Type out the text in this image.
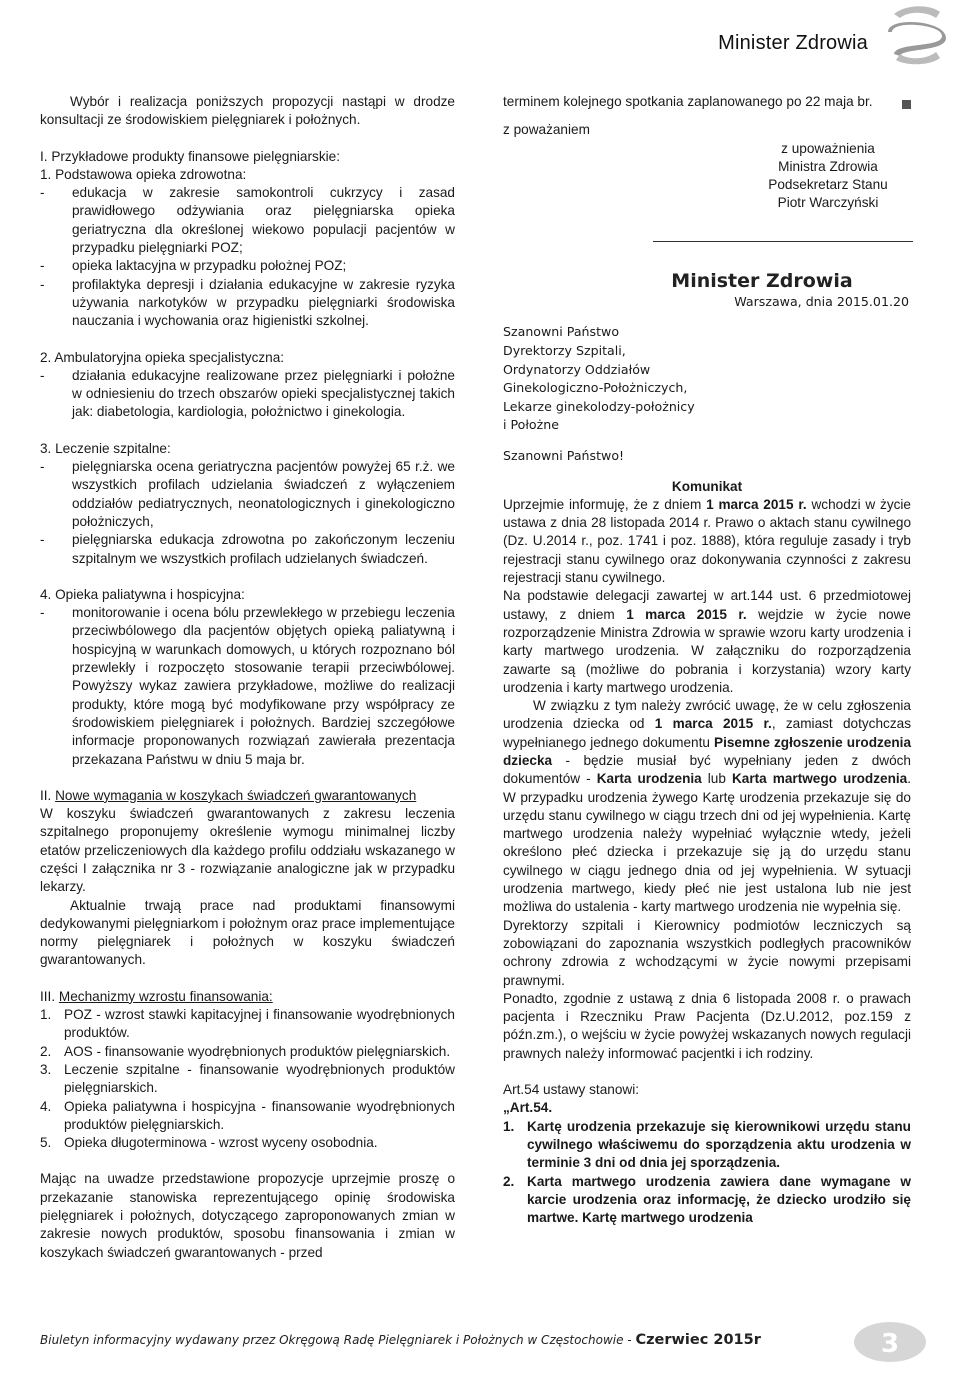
Minister Zdrowia

Wybór i realizacja poniższych propozycji nastąpi w drodze konsultacji ze środowiskiem pielęgniarek i położnych.

I. Przykładowe produkty finansowe pielęgniarskie:

1. Podstawowa opieka zdrowotna:

-	edukacja w zakresie samokontroli cukrzycy i zasad prawidłowego odżywiania oraz pielęgniarska opieka geriatryczna dla określonej wiekowo populacji pacjentów w przypadku pielęgniarki POZ;
-	opieka laktacyjna w przypadku położnej POZ;
-	profilaktyka depresji i działania edukacyjne w zakresie ryzyka używania narkotyków w przypadku pielęgniarki środowiska nauczania i wychowania oraz higienistki szkolnej.

2. Ambulatoryjna opieka specjalistyczna:

-	działania edukacyjne realizowane przez pielęgniarki i położne w odniesieniu do trzech obszarów opieki specjalistycznej takich jak: diabetologia, kardiologia, położnictwo i ginekologia.

3. Leczenie szpitalne:

-	pielęgniarska ocena geriatryczna pacjentów powyżej 65 r.ż. we wszystkich profilach udzielania świadczeń z wyłączeniem oddziałów pediatrycznych, neonatologicznych i ginekologiczno położniczych,
-	pielęgniarska edukacja zdrowotna po zakończonym leczeniu szpitalnym we wszystkich profilach udzielanych świadczeń.

4. Opieka paliatywna i hospicyjna:

-	monitorowanie i ocena bólu przewlekłego w przebiegu leczenia przeciwbólowego dla pacjentów objętych opieką paliatywną i hospicyjną w warunkach domowych, u których rozpoznano ból przewlekły i rozpoczęto stosowanie terapii przeciwbólowej. Powyższy wykaz zawiera przykładowe, możliwe do realizacji produkty, które mogą być modyfikowane przy współpracy ze środowiskiem pielęgniarek i położnych. Bardziej szczegółowe informacje proponowanych rozwiązań zawierała prezentacja przekazana Państwu w dniu 5 maja br.

II. Nowe wymagania w koszykach świadczeń gwarantowanych

W koszyku świadczeń gwarantowanych z zakresu leczenia szpitalnego proponujemy określenie wymogu minimalnej liczby etatów przeliczeniowych dla każdego profilu oddziału wskazanego w części I załącznika nr 3 - rozwiązanie analogiczne jak w przypadku lekarzy.

Aktualnie trwają prace nad produktami finansowymi dedykowanymi pielęgniarkom i położnym oraz prace implementujące normy pielęgniarek i położnych w koszyku świadczeń gwarantowanych.

III. Mechanizmy wzrostu finansowania:

1. POZ - wzrost stawki kapitacyjnej i finansowanie wyodrębnionych produktów.
2. AOS - finansowanie wyodrębnionych produktów pielęgniarskich.
3. Leczenie szpitalne - finansowanie wyodrębnionych produktów pielęgniarskich.
4. Opieka paliatywna i hospicyjna - finansowanie wyodrębnionych produktów pielęgniarskich.
5. Opieka długoterminowa - wzrost wyceny osobodnia.

Mając na uwadze przedstawione propozycje uprzejmie proszę o przekazanie stanowiska reprezentującego opinię środowiska pielęgniarek i położnych, dotyczącego zaproponowanych zmian w zakresie nowych produktów, sposobu finansowania i zmian w koszykach świadczeń gwarantowanych - przed

terminem kolejnego spotkania zaplanowanego po 22 maja br.

z poważaniem

z upoważnienia
Ministra Zdrowia
Podsekretarz Stanu
Piotr Warczyński
Minister Zdrowia
Warszawa, dnia 2015.01.20
Szanowni Państwo
Dyrektorzy Szpitali,
Ordynatorzy Oddziałów
Ginekologiczno-Położniczych,
Lekarze ginekolodzy-położnicy
i Położne
Szanowni Państwo!

Komunikat

Uprzejmie informuję, że z dniem 1 marca 2015 r. wchodzi w życie ustawa z dnia 28 listopada 2014 r. Prawo o aktach stanu cywilnego (Dz. U.2014 r., poz. 1741 i poz. 1888), która reguluje zasady i tryb rejestracji stanu cywilnego oraz dokonywania czynności z zakresu rejestracji stanu cywilnego.

Na podstawie delegacji zawartej w art.144 ust. 6 przedmiotowej ustawy, z dniem 1 marca 2015 r. wejdzie w życie nowe rozporządzenie Ministra Zdrowia w sprawie wzoru karty urodzenia i karty martwego urodzenia. W załączniku do rozporządzenia zawarte są (możliwe do pobrania i korzystania) wzory karty urodzenia i karty martwego urodzenia.

W związku z tym należy zwrócić uwagę, że w celu zgłoszenia urodzenia dziecka od 1 marca 2015 r., zamiast dotychczas wypełnianego jednego dokumentu Pisemne zgłoszenie urodzenia dziecka - będzie musiał być wypełniany jeden z dwóch dokumentów - Karta urodzenia lub Karta martwego urodzenia. W przypadku urodzenia żywego Kartę urodzenia przekazuje się do urzędu stanu cywilnego w ciągu trzech dni od jej wypełnienia. Kartę martwego urodzenia należy wypełniać wyłącznie wtedy, jeżeli określono płeć dziecka i przekazuje się ją do urzędu stanu cywilnego w ciągu jednego dnia od jej wypełnienia. W sytuacji urodzenia martwego, kiedy płeć nie jest ustalona lub nie jest możliwa do ustalenia - karty martwego urodzenia nie wypełnia się.

Dyrektorzy szpitali i Kierownicy podmiotów leczniczych są zobowiązani do zapoznania wszystkich podległych pracowników ochrony zdrowia z wchodzącymi w życie nowymi przepisami prawnymi.

Ponadto, zgodnie z ustawą z dnia 6 listopada 2008 r. o prawach pacjenta i Rzeczniku Praw Pacjenta (Dz.U.2012, poz.159 z późn.zm.), o wejściu w życie powyżej wskazanych nowych regulacji prawnych należy informować pacjentki i ich rodziny.

Art.54 ustawy stanowi:

„Art.54.

1. Kartę urodzenia przekazuje się kierownikowi urzędu stanu cywilnego właściwemu do sporządzenia aktu urodzenia w terminie 3 dni od dnia jej sporządzenia.
2. Karta martwego urodzenia zawiera dane wymagane w karcie urodzenia oraz informację, że dziecko urodziło się martwe. Kartę martwego urodzenia
Biuletyn informacyjny wydawany przez Okręgową Radę Pielęgniarek i Położnych w Częstochowie - Czerwiec 2015r	3
